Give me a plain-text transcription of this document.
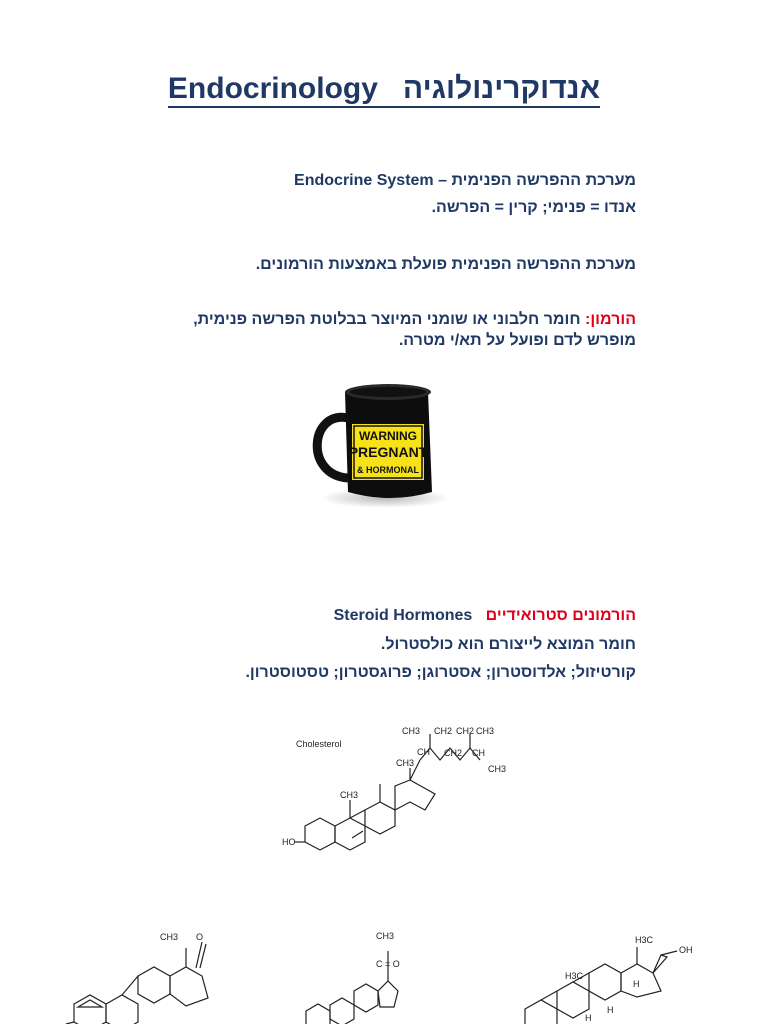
Endocrinology אנדוקרינולוגיה
מערכת ההפרשה הפנימית – Endocrine System
אנדו = פנימי; קרין = הפרשה.
מערכת ההפרשה הפנימית פועלת באמצעות הורמונים.
הורמון: חומר חלבוני או שומני המיוצר בבלוטת הפרשה פנימית,
מופרש לדם ופועל על תא/י מטרה.
WARNING
PREGNANT
& HORMONAL
הורמונים סטרואידיים   Steroid Hormones
חומר המוצא לייצורם הוא כולסטרול.
קורטיזול; אלדוסטרון; אסטרוגן; פרוגסטרון; טסטוסטרון.
Cholesterol
HO
CH3
CH3
CH3
CH
CH2
CH2
CH2
CH
CH3
CH3
CH3 O	CH3
C = O
H3C
OH
H3C
H
H
H
